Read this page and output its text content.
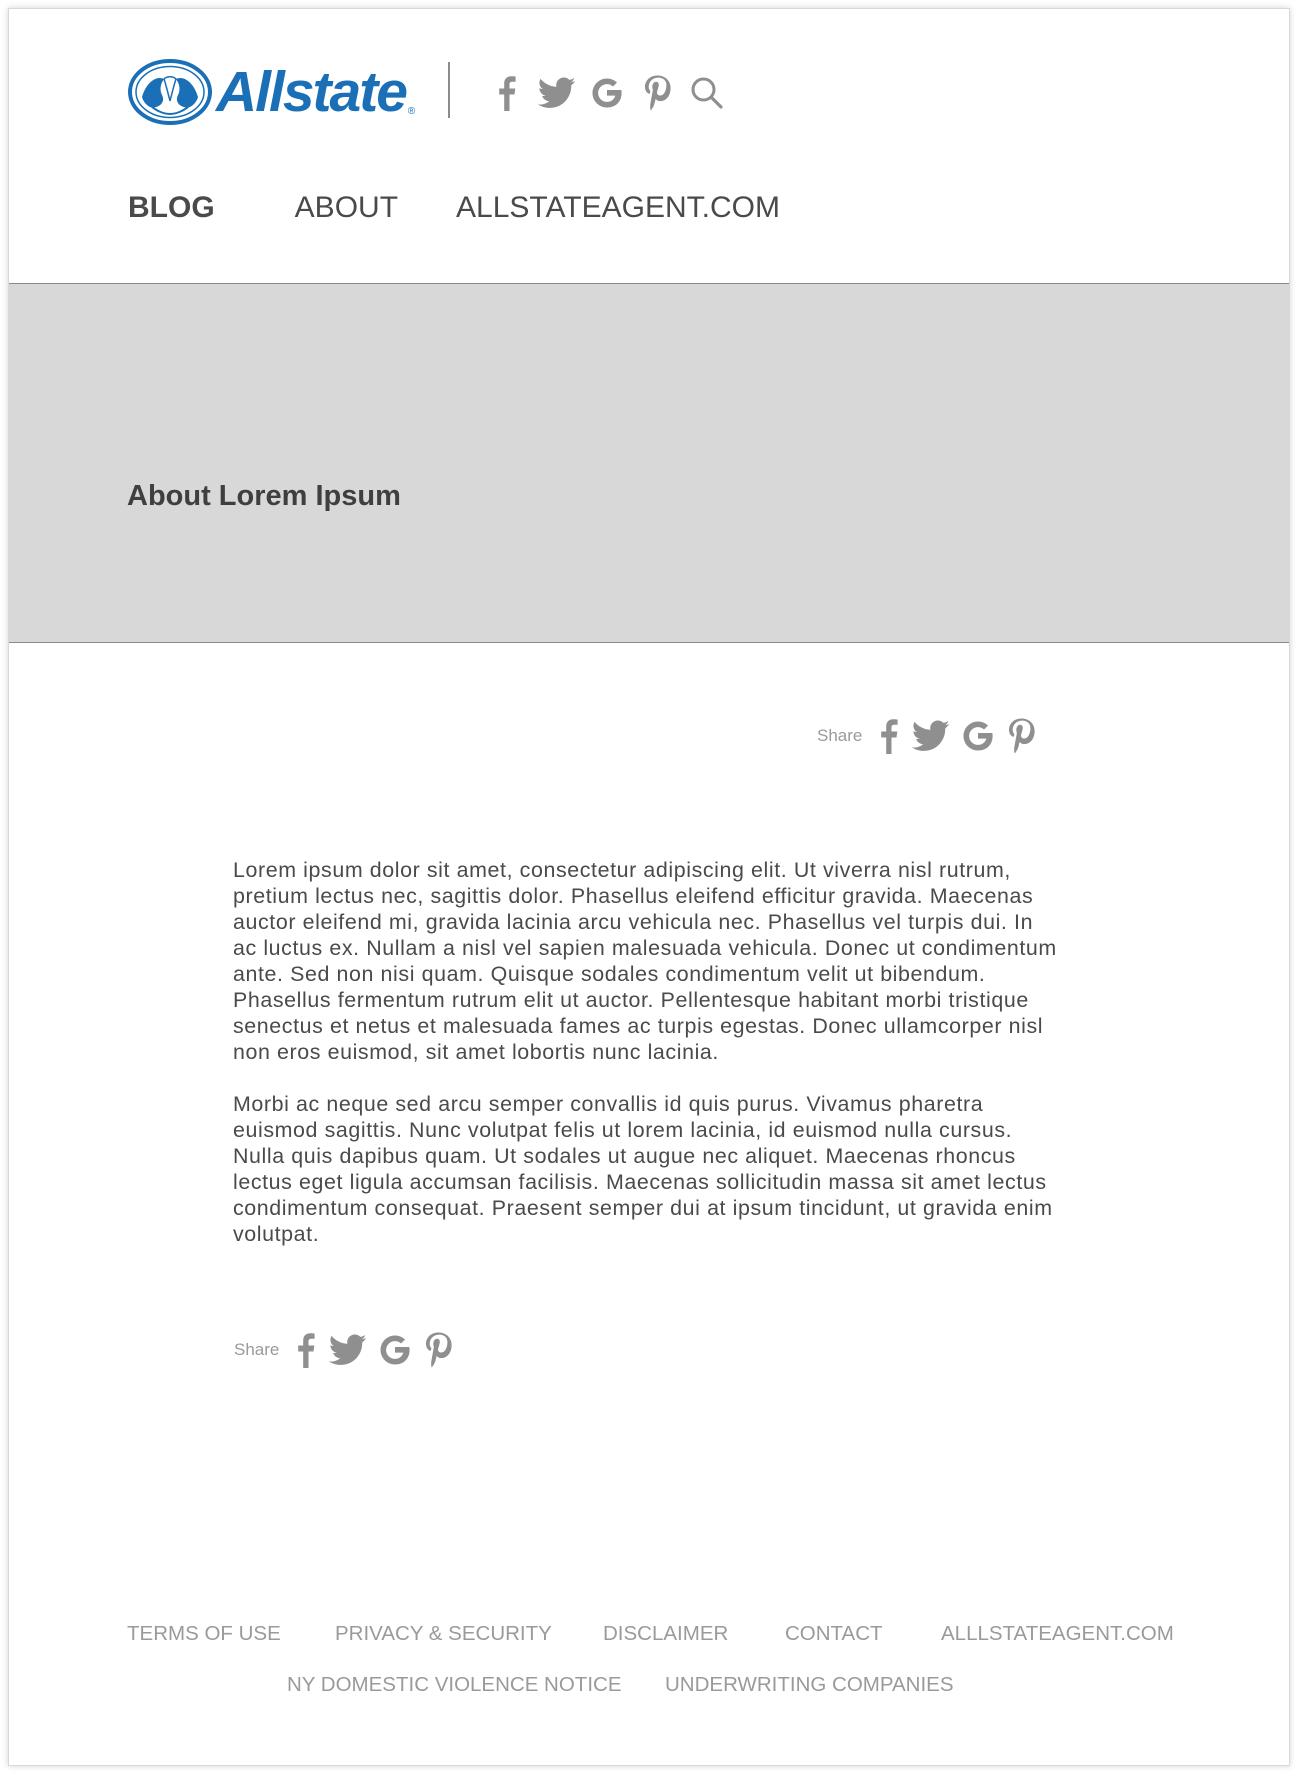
Allstate ®
BLOG	ABOUT ALLSTATEAGENT.COM
About Lorem Ipsum
Share

Lorem ipsum dolor sit amet, consectetur adipiscing elit. Ut viverra nisl rutrum, pretium lectus nec, sagittis dolor. Phasellus eleifend efficitur gravida. Maecenas auctor eleifend mi, gravida lacinia arcu vehicula nec. Phasellus vel turpis dui. In ac luctus ex. Nullam a nisl vel sapien malesuada vehicula. Donec ut condimentum ante. Sed non nisi quam. Quisque sodales condimentum velit ut bibendum. Phasellus fermentum rutrum elit ut auctor. Pellentesque habitant morbi tristique senectus et netus et malesuada fames ac turpis egestas. Donec ullamcorper nisl non eros euismod, sit amet lobortis nunc lacinia.

Morbi ac neque sed arcu semper convallis id quis purus. Vivamus pharetra euismod sagittis. Nunc volutpat felis ut lorem lacinia, id euismod nulla cursus. Nulla quis dapibus quam. Ut sodales ut augue nec aliquet. Maecenas rhoncus lectus eget ligula accumsan facilisis. Maecenas sollicitudin massa sit amet lectus condimentum consequat. Praesent semper dui at ipsum tincidunt, ut gravida enim volutpat.

Share
TERMS OF USE	PRIVACY & SECURITY DISCLAIMER	CONTACT	ALLLSTATEAGENT.COM
NY DOMESTIC VIOLENCE NOTICE UNDERWRITING COMPANIES
